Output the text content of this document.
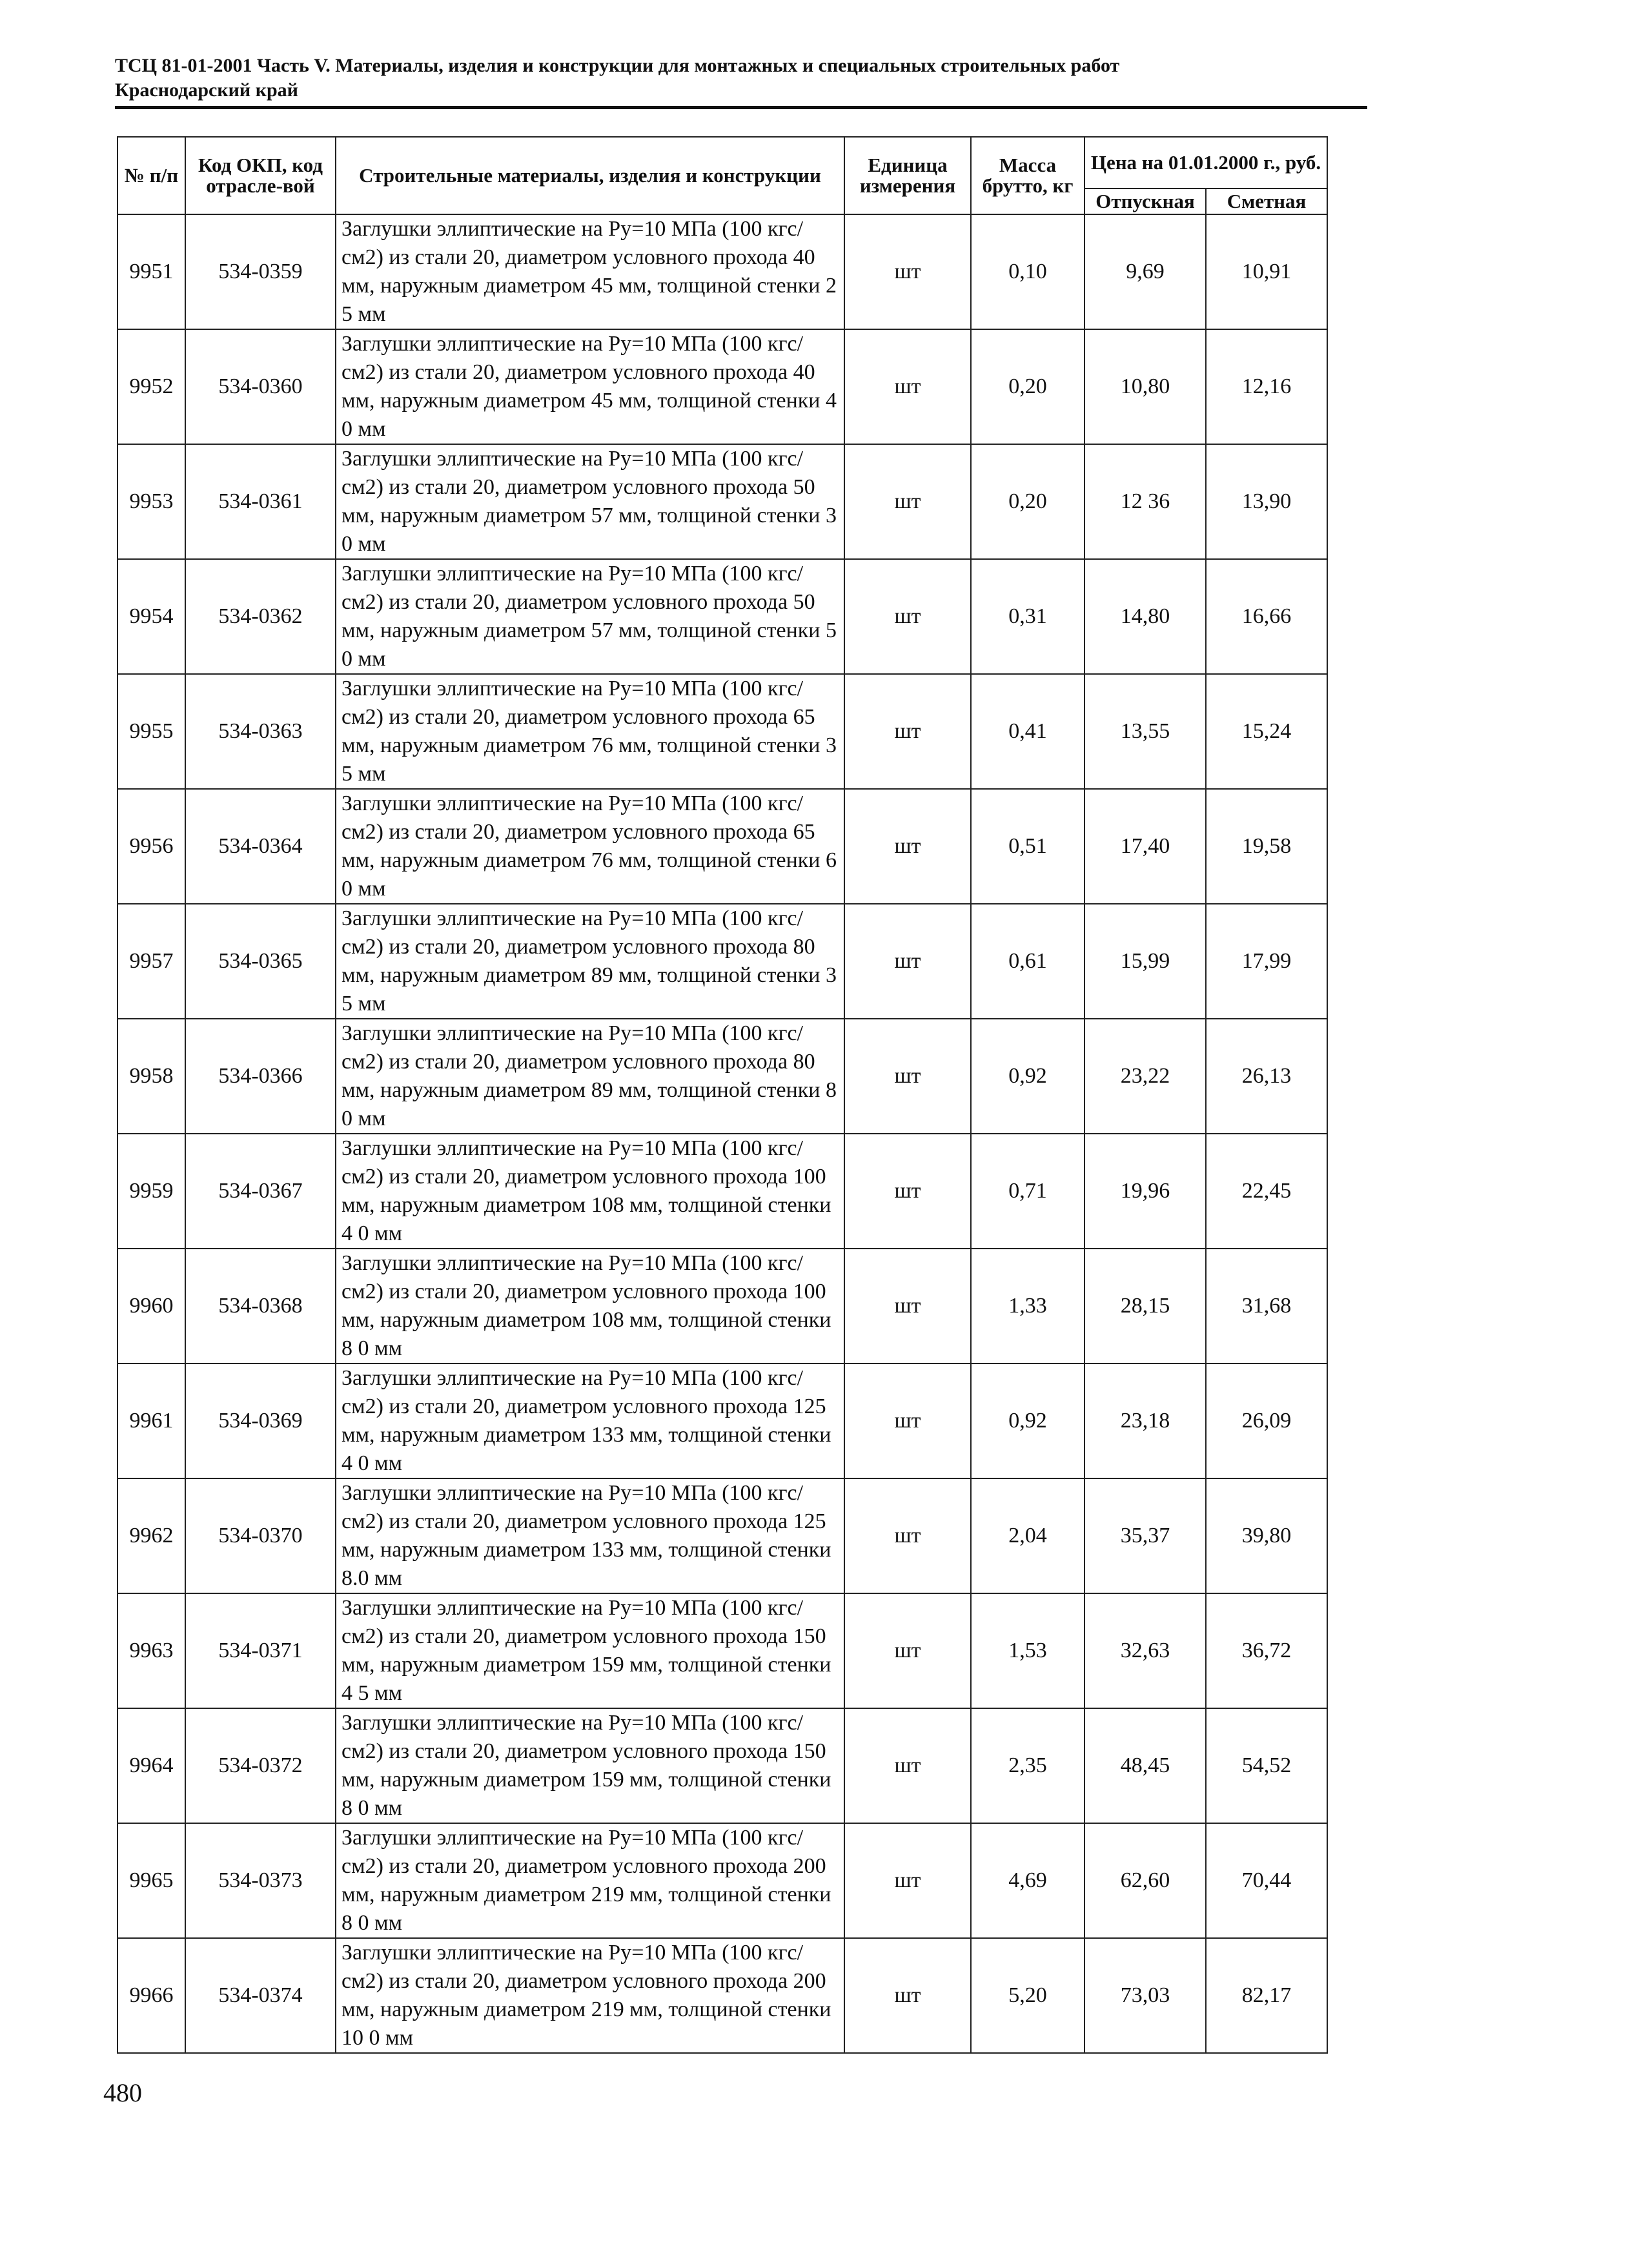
ТСЦ 81-01-2001 Часть V. Материалы, изделия и конструкции для монтажных и специальных строительных работ
Краснодарский край
№ п/п	Код ОКП, код отрасле-вой	Строительные материалы, изделия и конструкции	Единица измерения	Масса брутто, кг	Цена на 01.01.2000 г., руб.	
					Отпускная	Сметная
9951	534-0359	Заглушки эллиптические на Ру=10 МПа (100 кгс/см2) из стали 20, диаметром условного прохода 40 мм, наружным диаметром 45 мм, толщиной стенки 2 5 мм	шт	0,10	9,69	10,91
9952	534-0360	Заглушки эллиптические на Ру=10 МПа (100 кгс/см2) из стали 20, диаметром условного прохода 40 мм, наружным диаметром 45 мм, толщиной стенки 4 0 мм	шт	0,20	10,80	12,16
9953	534-0361	Заглушки эллиптические на Ру=10 МПа (100 кгс/см2) из стали 20, диаметром условного прохода 50 мм, наружным диаметром 57 мм, толщиной стенки 3 0 мм	шт	0,20	12 36	13,90
9954	534-0362	Заглушки эллиптические на Ру=10 МПа (100 кгс/см2) из стали 20, диаметром условного прохода 50 мм, наружным диаметром 57 мм, толщиной стенки 5 0 мм	шт	0,31	14,80	16,66
9955	534-0363	Заглушки эллиптические на Ру=10 МПа (100 кгс/см2) из стали 20, диаметром условного прохода 65 мм, наружным диаметром 76 мм, толщиной стенки 3 5 мм	шт	0,41	13,55	15,24
9956	534-0364	Заглушки эллиптические на Ру=10 МПа (100 кгс/см2) из стали 20, диаметром условного прохода 65 мм, наружным диаметром 76 мм, толщиной стенки 6 0 мм	шт	0,51	17,40	19,58
9957	534-0365	Заглушки эллиптические на Ру=10 МПа (100 кгс/см2) из стали 20, диаметром условного прохода 80 мм, наружным диаметром 89 мм, толщиной стенки 3 5 мм	шт	0,61	15,99	17,99
9958	534-0366	Заглушки эллиптические на Ру=10 МПа (100 кгс/см2) из стали 20, диаметром условного прохода 80 мм, наружным диаметром 89 мм, толщиной стенки 8 0 мм	шт	0,92	23,22	26,13
9959	534-0367	Заглушки эллиптические на Ру=10 МПа (100 кгс/см2) из стали 20, диаметром условного прохода 100 мм, наружным диаметром 108 мм, толщиной стенки 4 0 мм	шт	0,71	19,96	22,45
9960	534-0368	Заглушки эллиптические на Ру=10 МПа (100 кгс/см2) из стали 20, диаметром условного прохода 100 мм, наружным диаметром 108 мм, толщиной стенки 8 0 мм	шт	1,33	28,15	31,68
9961	534-0369	Заглушки эллиптические на Ру=10 МПа (100 кгс/см2) из стали 20, диаметром условного прохода 125 мм, наружным диаметром 133 мм, толщиной стенки 4 0 мм	шт	0,92	23,18	26,09
9962	534-0370	Заглушки эллиптические на Ру=10 МПа (100 кгс/см2) из стали 20, диаметром условного прохода 125 мм, наружным диаметром 133 мм, толщиной стенки 8.0 мм	шт	2,04	35,37	39,80
9963	534-0371	Заглушки эллиптические на Ру=10 МПа (100 кгс/см2) из стали 20, диаметром условного прохода 150 мм, наружным диаметром 159 мм, толщиной стенки 4 5 мм	шт	1,53	32,63	36,72
9964	534-0372	Заглушки эллиптические на Ру=10 МПа (100 кгс/см2) из стали 20, диаметром условного прохода 150 мм, наружным диаметром 159 мм, толщиной стенки 8 0 мм	шт	2,35	48,45	54,52
9965	534-0373	Заглушки эллиптические на Ру=10 МПа (100 кгс/см2) из стали 20, диаметром условного прохода 200 мм, наружным диаметром 219 мм, толщиной стенки 8 0 мм	шт	4,69	62,60	70,44
9966	534-0374	Заглушки эллиптические на Ру=10 МПа (100 кгс/см2) из стали 20, диаметром условного прохода 200 мм, наружным диаметром 219 мм, толщиной стенки 10 0 мм	шт	5,20	73,03	82,17
480
